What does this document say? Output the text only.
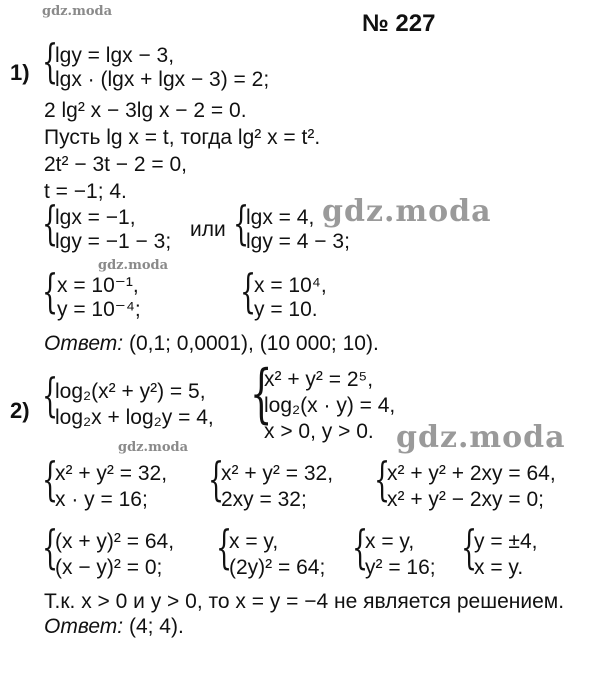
gdz.moda	№ 227
1) {
lgy = lgx − 3,
lgx · (lgx + lgx − 3) = 2;
2 lg² x − 3lg x − 2 = 0.
Пусть lg x = t, тогда lg² x = t².
2t² − 3t − 2 = 0,
t = −1; 4.
{
lgx = −1,
lgy = −1 − 3;
или {
lgx = 4,
lgy = 4 − 3;
gdz.moda
gdz.moda
{
x = 10⁻¹,
y = 10⁻⁴; {
x = 10⁴,
y = 10.
Ответ: (0,1; 0,0001), (10 000; 10).
2) {
log₂(x² + y²) = 5,
log₂x + log₂y = 4, {
x² + y² = 2⁵,
log₂(x · y) = 4,
x > 0, y > 0. gdz.moda
gdz.moda
{
x² + y² = 32,
x · y = 16; {
x² + y² = 32,
2xy = 32; {
x² + y² + 2xy = 64,
x² + y² − 2xy = 0;
{
(x + y)² = 64,
(x − y)² = 0; {
x = y,
(2y)² = 64; {
x = y,
y² = 16; {
y = ±4,
x = y.
Т.к. x > 0 и y > 0, то x = y = −4 не является решением.
Ответ: (4; 4).
